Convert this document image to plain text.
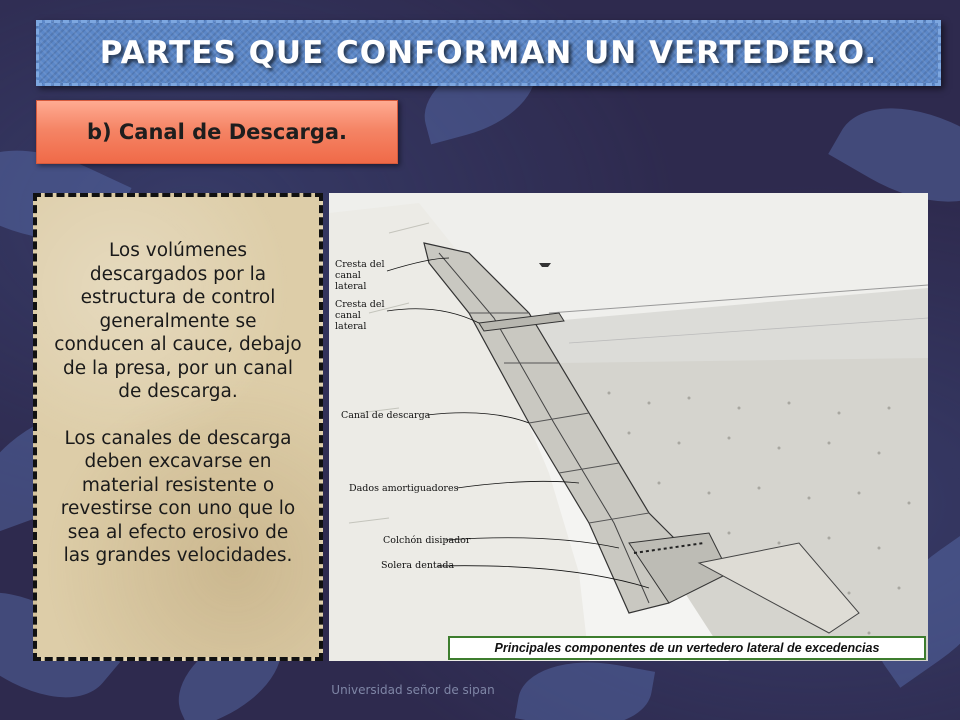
PARTES QUE CONFORMAN UN VERTEDERO.
b) Canal de Descarga.

Los volúmenes descargados por la estructura de control generalmente se conducen al cauce, debajo de la presa, por un canal de descarga.

Los canales de descarga deben excavarse en material resistente o revestirse con uno que lo sea al efecto erosivo de las grandes velocidades.

Cresta del canal lateral
Cresta del canal lateral
Canal de descarga
Dados amortiguadores
Colchón disipador
Solera dentada
Principales componentes de un vertedero lateral de excedencias
Universidad señor de sipan
